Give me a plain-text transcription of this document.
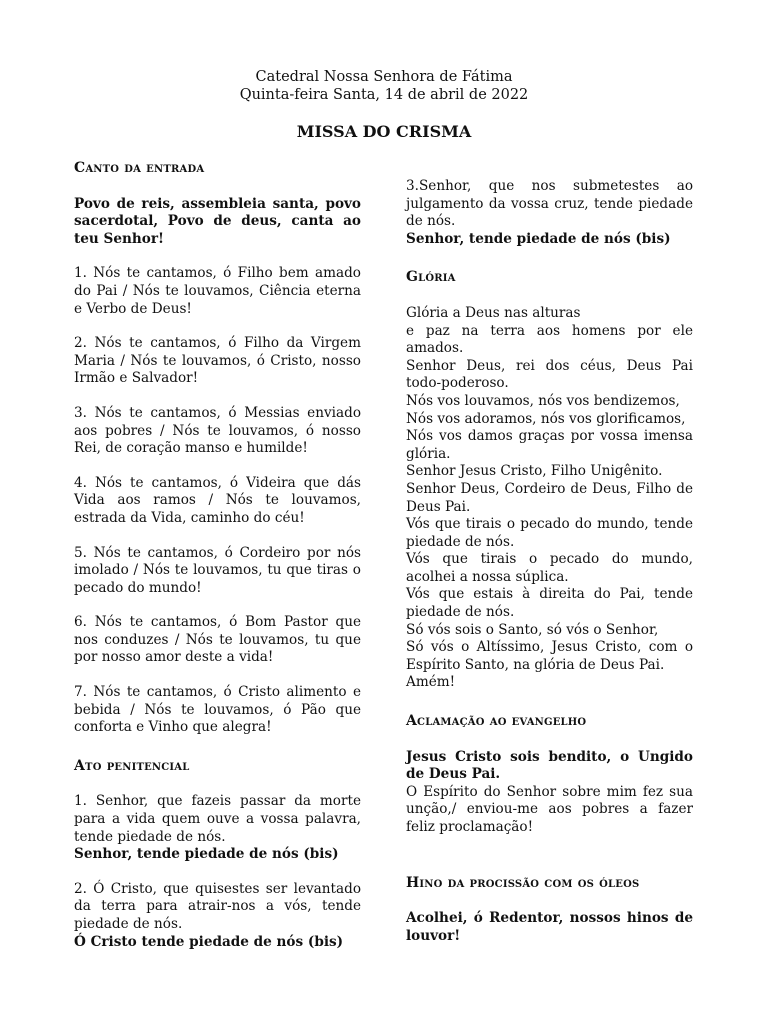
Catedral Nossa Senhora de Fátima
Quinta-feira Santa, 14 de abril de 2022
MISSA DO CRISMA
Canto da entrada

Povo de reis, assembleia santa, povo sacerdotal, Povo de deus, canta ao teu Senhor!

1. Nós te cantamos, ó Filho bem amado do Pai / Nós te louvamos, Ciência eterna e Verbo de Deus!

2. Nós te cantamos, ó Filho da Virgem Maria / Nós te louvamos, ó Cristo, nosso Irmão e Salvador!

3. Nós te cantamos, ó Messias enviado aos pobres / Nós te louvamos, ó nosso Rei, de coração manso e humilde!

4. Nós te cantamos, ó Videira que dás Vida aos ramos / Nós te louvamos, estrada da Vida, caminho do céu!

5. Nós te cantamos, ó Cordeiro por nós imolado / Nós te louvamos, tu que tiras o pecado do mundo!

6. Nós te cantamos, ó Bom Pastor que nos conduzes / Nós te louvamos, tu que por nosso amor deste a vida!

7. Nós te cantamos, ó Cristo alimento e bebida / Nós te louvamos, ó Pão que conforta e Vinho que alegra!

Ato penitencial

1. Senhor, que fazeis passar da morte para a vida quem ouve a vossa palavra, tende piedade de nós.

Senhor, tende piedade de nós (bis)

2. Ó Cristo, que quisestes ser levantado da terra para atrair-nos a vós, tende piedade de nós.

Ó Cristo tende piedade de nós (bis)

3.Senhor, que nos submetestes ao julgamento da vossa cruz, tende piedade de nós.

Senhor, tende piedade de nós (bis)

Glória
Glória a Deus nas alturas
e paz na terra aos homens por ele amados.
Senhor Deus, rei dos céus, Deus Pai todo-poderoso.
Nós vos louvamos, nós vos bendizemos,
Nós vos adoramos, nós vos glorificamos,
Nós vos damos graças por vossa imensa glória.
Senhor Jesus Cristo, Filho Unigênito.
Senhor Deus, Cordeiro de Deus, Filho de Deus Pai.
Vós que tirais o pecado do mundo, tende piedade de nós.
Vós que tirais o pecado do mundo, acolhei a nossa súplica.
Vós que estais à direita do Pai, tende piedade de nós.
Só vós sois o Santo, só vós o Senhor,
Só vós o Altíssimo, Jesus Cristo, com o Espírito Santo, na glória de Deus Pai.
Amém!
Aclamação ao evangelho

Jesus Cristo sois bendito, o Ungido de Deus Pai.

O Espírito do Senhor sobre mim fez sua unção,/ enviou-me aos pobres a fazer feliz proclamação!

Hino da procissão com os óleos

Acolhei, ó Redentor, nossos hinos de louvor!
